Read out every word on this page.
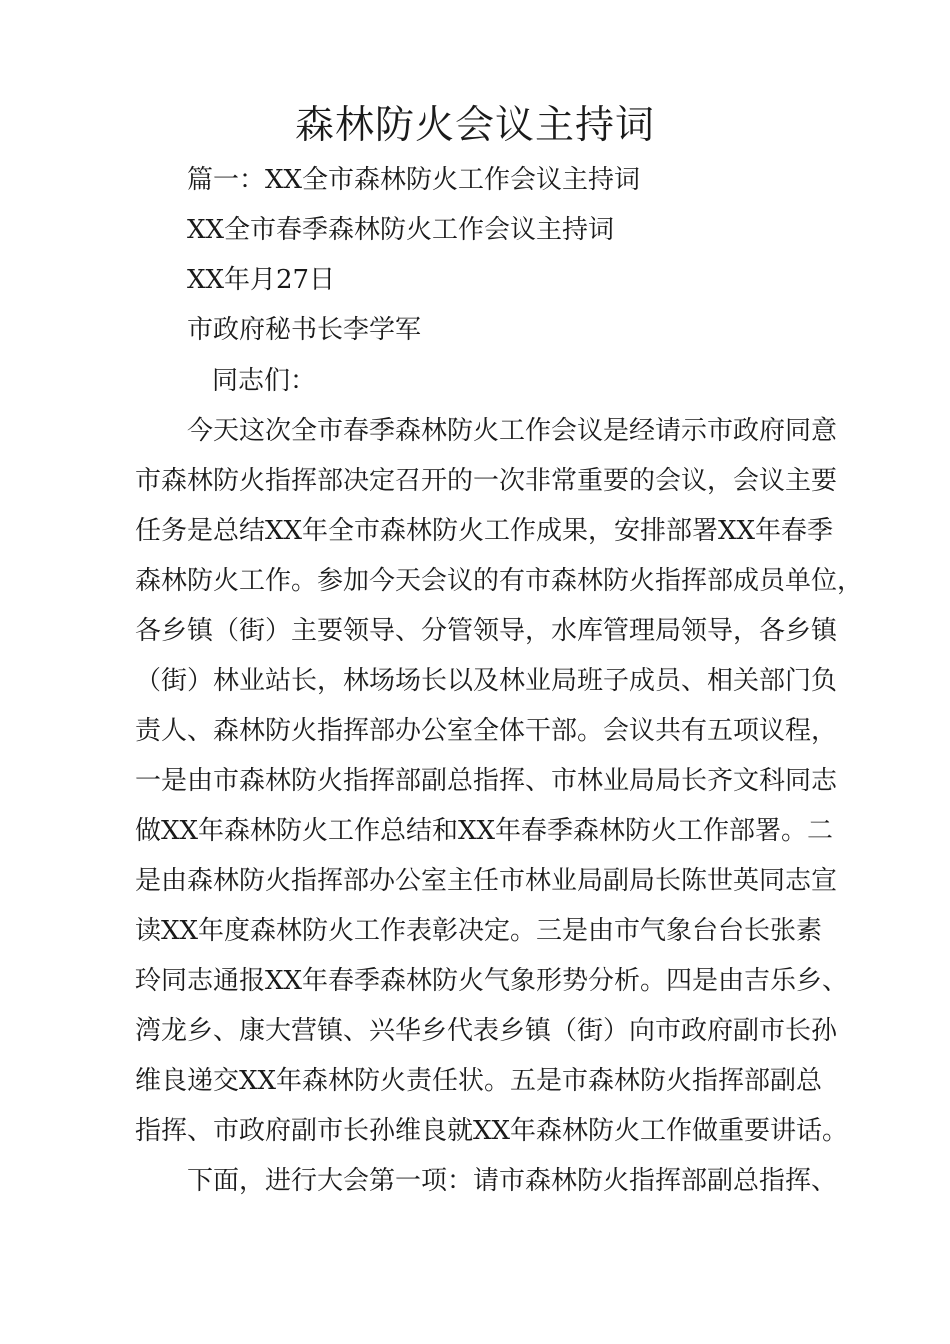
森林防火会议主持词

篇一：XX全市森林防火工作会议主持词

XX全市春季森林防火工作会议主持词

XX年月27日

市政府秘书长李学军

同志们：

今天这次全市春季森林防火工作会议是经请示市政府同意

市森林防火指挥部决定召开的一次非常重要的会议，会议主要

任务是总结XX年全市森林防火工作成果，安排部署XX年春季

森林防火工作。参加今天会议的有市森林防火指挥部成员单位，

各乡镇（街）主要领导、分管领导，水库管理局领导，各乡镇

（街）林业站长，林场场长以及林业局班子成员、相关部门负

责人、森林防火指挥部办公室全体干部。会议共有五项议程，

一是由市森林防火指挥部副总指挥、市林业局局长齐文科同志

做XX年森林防火工作总结和XX年春季森林防火工作部署。二

是由森林防火指挥部办公室主任市林业局副局长陈世英同志宣

读XX年度森林防火工作表彰决定。三是由市气象台台长张素

玲同志通报XX年春季森林防火气象形势分析。四是由吉乐乡、

湾龙乡、康大营镇、兴华乡代表乡镇（街）向市政府副市长孙

维良递交XX年森林防火责任状。五是市森林防火指挥部副总

指挥、市政府副市长孙维良就XX年森林防火工作做重要讲话。

下面，进行大会第一项：请市森林防火指挥部副总指挥、
